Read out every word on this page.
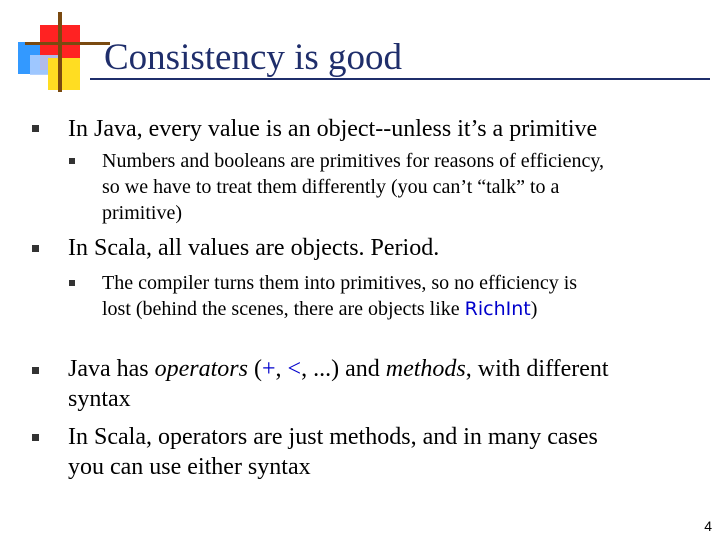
Consistency is good
In Java, every value is an object--unless it’s a primitive
Numbers and booleans are primitives for reasons of efficiency,
so we have to treat them differently (you can’t “talk” to a
primitive)
In Scala, all values are objects. Period.
The compiler turns them into primitives, so no efficiency is
lost (behind the scenes, there are objects like RichInt)
Java has operators (+, <, ...) and methods, with different
syntax
In Scala, operators are just methods, and in many cases
you can use either syntax
4
